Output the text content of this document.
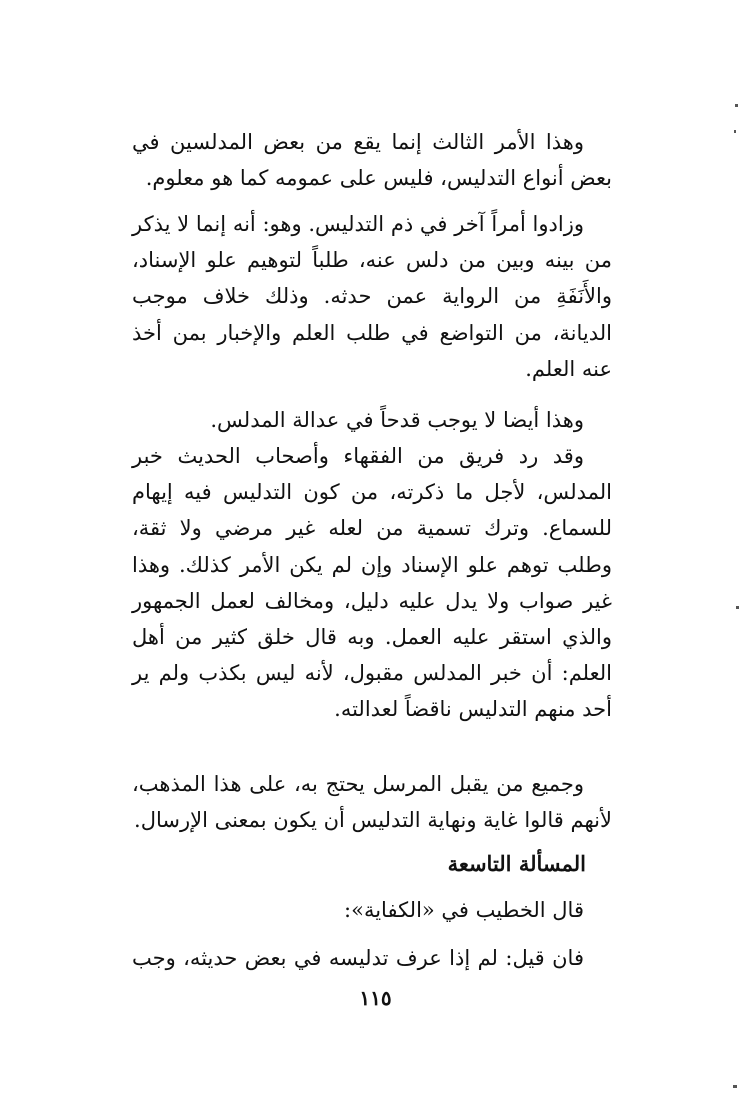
وهذا الأمر الثالث إنما يقع من بعض المدلسين في بعض أنواع التدليس، فليس على عمومه كما هو معلوم.
وزادوا أمراً آخر في ذم التدليس. وهو: أنه إنما لا يذكر من بينه وبين من دلس عنه، طلباً لتوهيم علو الإسناد، والأَنَفَةِ من الرواية عمن حدثه. وذلك خلاف موجب الديانة، من التواضع في طلب العلم والإخبار بمن أخذ عنه العلم.
وهذا أيضا لا يوجب قدحاً في عدالة المدلس.
وقد رد فريق من الفقهاء وأصحاب الحديث خبر المدلس، لأجل ما ذكرته، من كون التدليس فيه إيهام للسماع. وترك تسمية من لعله غير مرضي ولا ثقة، وطلب توهم علو الإسناد وإن لم يكن الأمر كذلك. وهذا غير صواب ولا يدل عليه دليل، ومخالف لعمل الجمهور والذي استقر عليه العمل. وبه قال خلق كثير من أهل العلم: أن خبر المدلس مقبول، لأنه ليس بكذب ولم ير أحد منهم التدليس ناقضاً لعدالته.
وجميع من يقبل المرسل يحتج به، على هذا المذهب، لأنهم قالوا غاية ونهاية التدليس أن يكون بمعنى الإرسال.
المسألة التاسعة
قال الخطيب في «الكفاية»:
فان قيل: لم إذا عرف تدليسه في بعض حديثه، وجب
١١٥
